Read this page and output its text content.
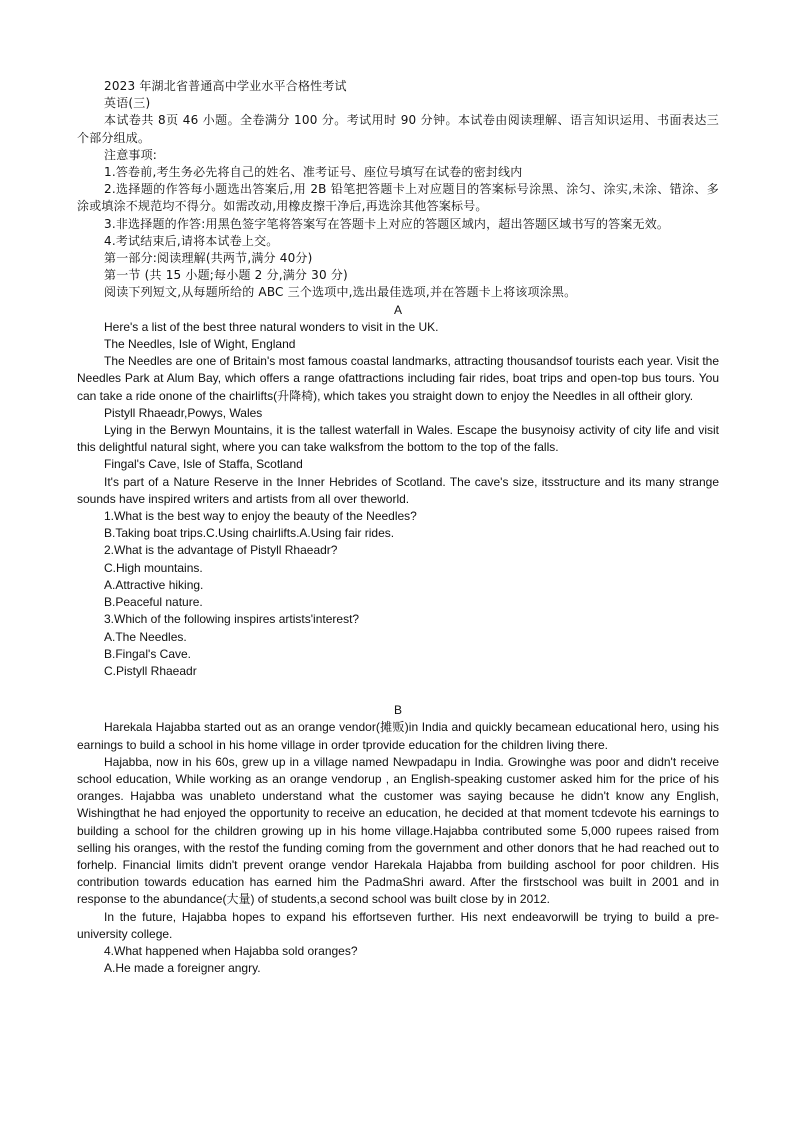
2023 年湖北省普通高中学业水平合格性考试
英语(三)
本试卷共 8页 46 小题。全卷满分 100 分。考试用时 90 分钟。本试卷由阅读理解、语言知识运用、书面表达三个部分组成。
注意事项:
1.答卷前,考生务必先将自己的姓名、准考证号、座位号填写在试卷的密封线内
2.选择题的作答每小题选出答案后,用 2B 铅笔把答题卡上对应题目的答案标号涂黑、涂匀、涂实,未涂、错涂、多涂或填涂不规范均不得分。如需改动,用橡皮擦干净后,再选涂其他答案标号。
3.非选择题的作答:用黑色签字笔将答案写在答题卡上对应的答题区域内，超出答题区域书写的答案无效。
4.考试结束后,请将本试卷上交。
第一部分:阅读理解(共两节,满分 40分)
第一节 (共 15 小题;每小题 2 分,满分 30 分)
阅读下列短文,从每题所给的 ABC 三个选项中,选出最佳选项,并在答题卡上将该项涂黑。
A
Here's a list of the best three natural wonders to visit in the UK.
The Needles, Isle of Wight, England
The Needles are one of Britain's most famous coastal landmarks, attracting thousandsof tourists each year. Visit the Needles Park at Alum Bay, which offers a range ofattractions including fair rides, boat trips and open-top bus tours. You can take a ride onone of the chairlifts(升降椅), which takes you straight down to enjoy the Needles in all oftheir glory.
Pistyll Rhaeadr,Powys, Wales
Lying in the Berwyn Mountains, it is the tallest waterfall in Wales. Escape the busynoisy activity of city life and visit this delightful natural sight, where you can take walksfrom the bottom to the top of the falls.
Fingal's Cave, Isle of Staffa, Scotland
It's part of a Nature Reserve in the Inner Hebrides of Scotland. The cave's size, itsstructure and its many strange sounds have inspired writers and artists from all over theworld.
1.What is the best way to enjoy the beauty of the Needles?
B.Taking boat trips.C.Using chairlifts.A.Using fair rides.
2.What is the advantage of Pistyll Rhaeadr?
C.High mountains.
A.Attractive hiking.
B.Peaceful nature.
3.Which of the following inspires artists'interest?
A.The Needles.
B.Fingal's Cave.
C.Pistyll Rhaeadr
B
Harekala Hajabba started out as an orange vendor(摊贩)in India and quickly becamean educational hero, using his earnings to build a school in his home village in order tprovide education for the children living there.
Hajabba, now in his 60s, grew up in a village named Newpadapu in India. Growinghe was poor and didn't receive school education, While working as an orange vendorup , an English-speaking customer asked him for the price of his oranges. Hajabba was unableto understand what the customer was saying because he didn't know any English, Wishingthat he had enjoyed the opportunity to receive an education, he decided at that moment tcdevote his earnings to building a school for the children growing up in his home village.Hajabba contributed some 5,000 rupees raised from selling his oranges, with the restof the funding coming from the government and other donors that he had reached out to forhelp. Financial limits didn't prevent orange vendor Harekala Hajabba from building aschool for poor children. His contribution towards education has earned him the PadmaShri award. After the firstschool was built in 2001 and in response to the abundance(大量) of students,a second school was built close by in 2012.
In the future, Hajabba hopes to expand his effortseven further. His next endeavorwill be trying to build a pre-university college.
4.What happened when Hajabba sold oranges?
A.He made a foreigner angry.
